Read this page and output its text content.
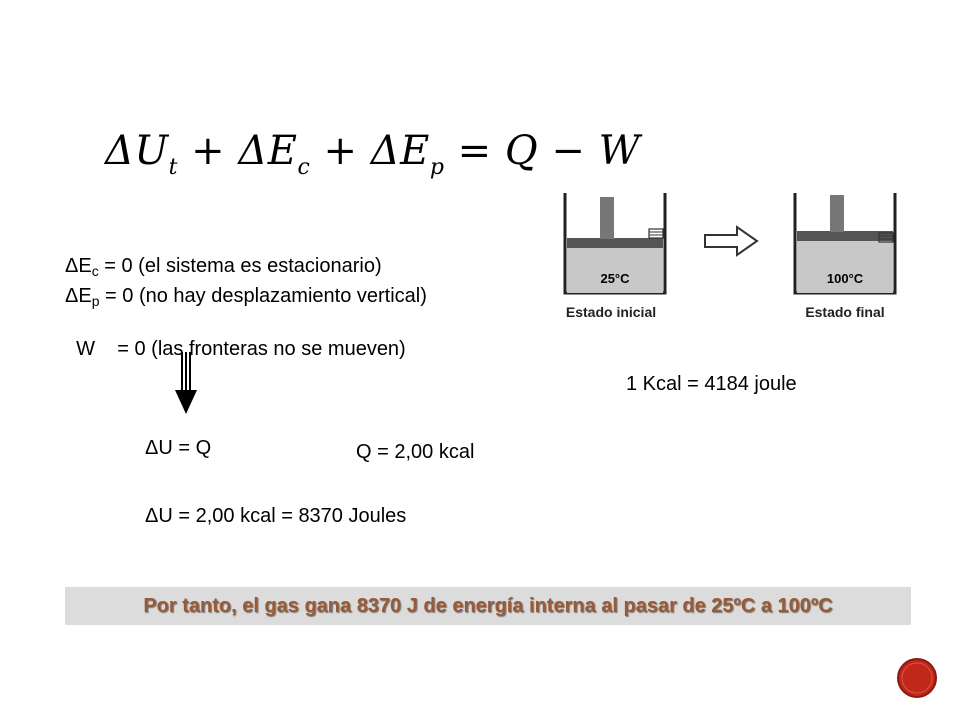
$\Delta U_t + \Delta E_c + \Delta E_p = Q - W$
$\Delta E_c = 0$ (el sistema es estacionario)
$\Delta E_p = 0$ (no hay desplazamiento vertical)

W    = 0 (las fronteras no se mueven)

25°C
Estado inicial
100°C
Estado final
1 Kcal = 4184 joule
ΔU = Q	Q = 2,00 kcal
ΔU = 2,00 kcal = 8370 Joules
Por tanto, el gas gana 8370 J de energía interna al pasar de 25ºC a 100ºC
